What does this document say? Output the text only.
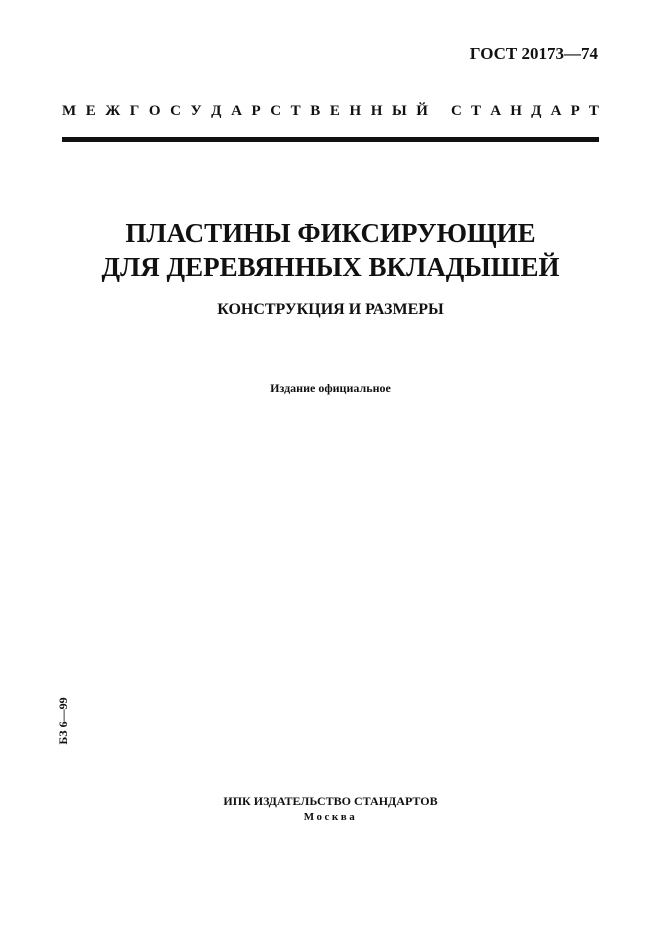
ГОСТ 20173—74
М Е Ж Г О С У Д А Р С Т В Е Н Н Ы Й С Т А Н Д А Р Т
ПЛАСТИНЫ ФИКСИРУЮЩИЕ
ДЛЯ ДЕРЕВЯННЫХ ВКЛАДЫШЕЙ
КОНСТРУКЦИЯ И РАЗМЕРЫ
Издание официальное
БЗ 6—99
ИПК ИЗДАТЕЛЬСТВО СТАНДАРТОВ
Москва
